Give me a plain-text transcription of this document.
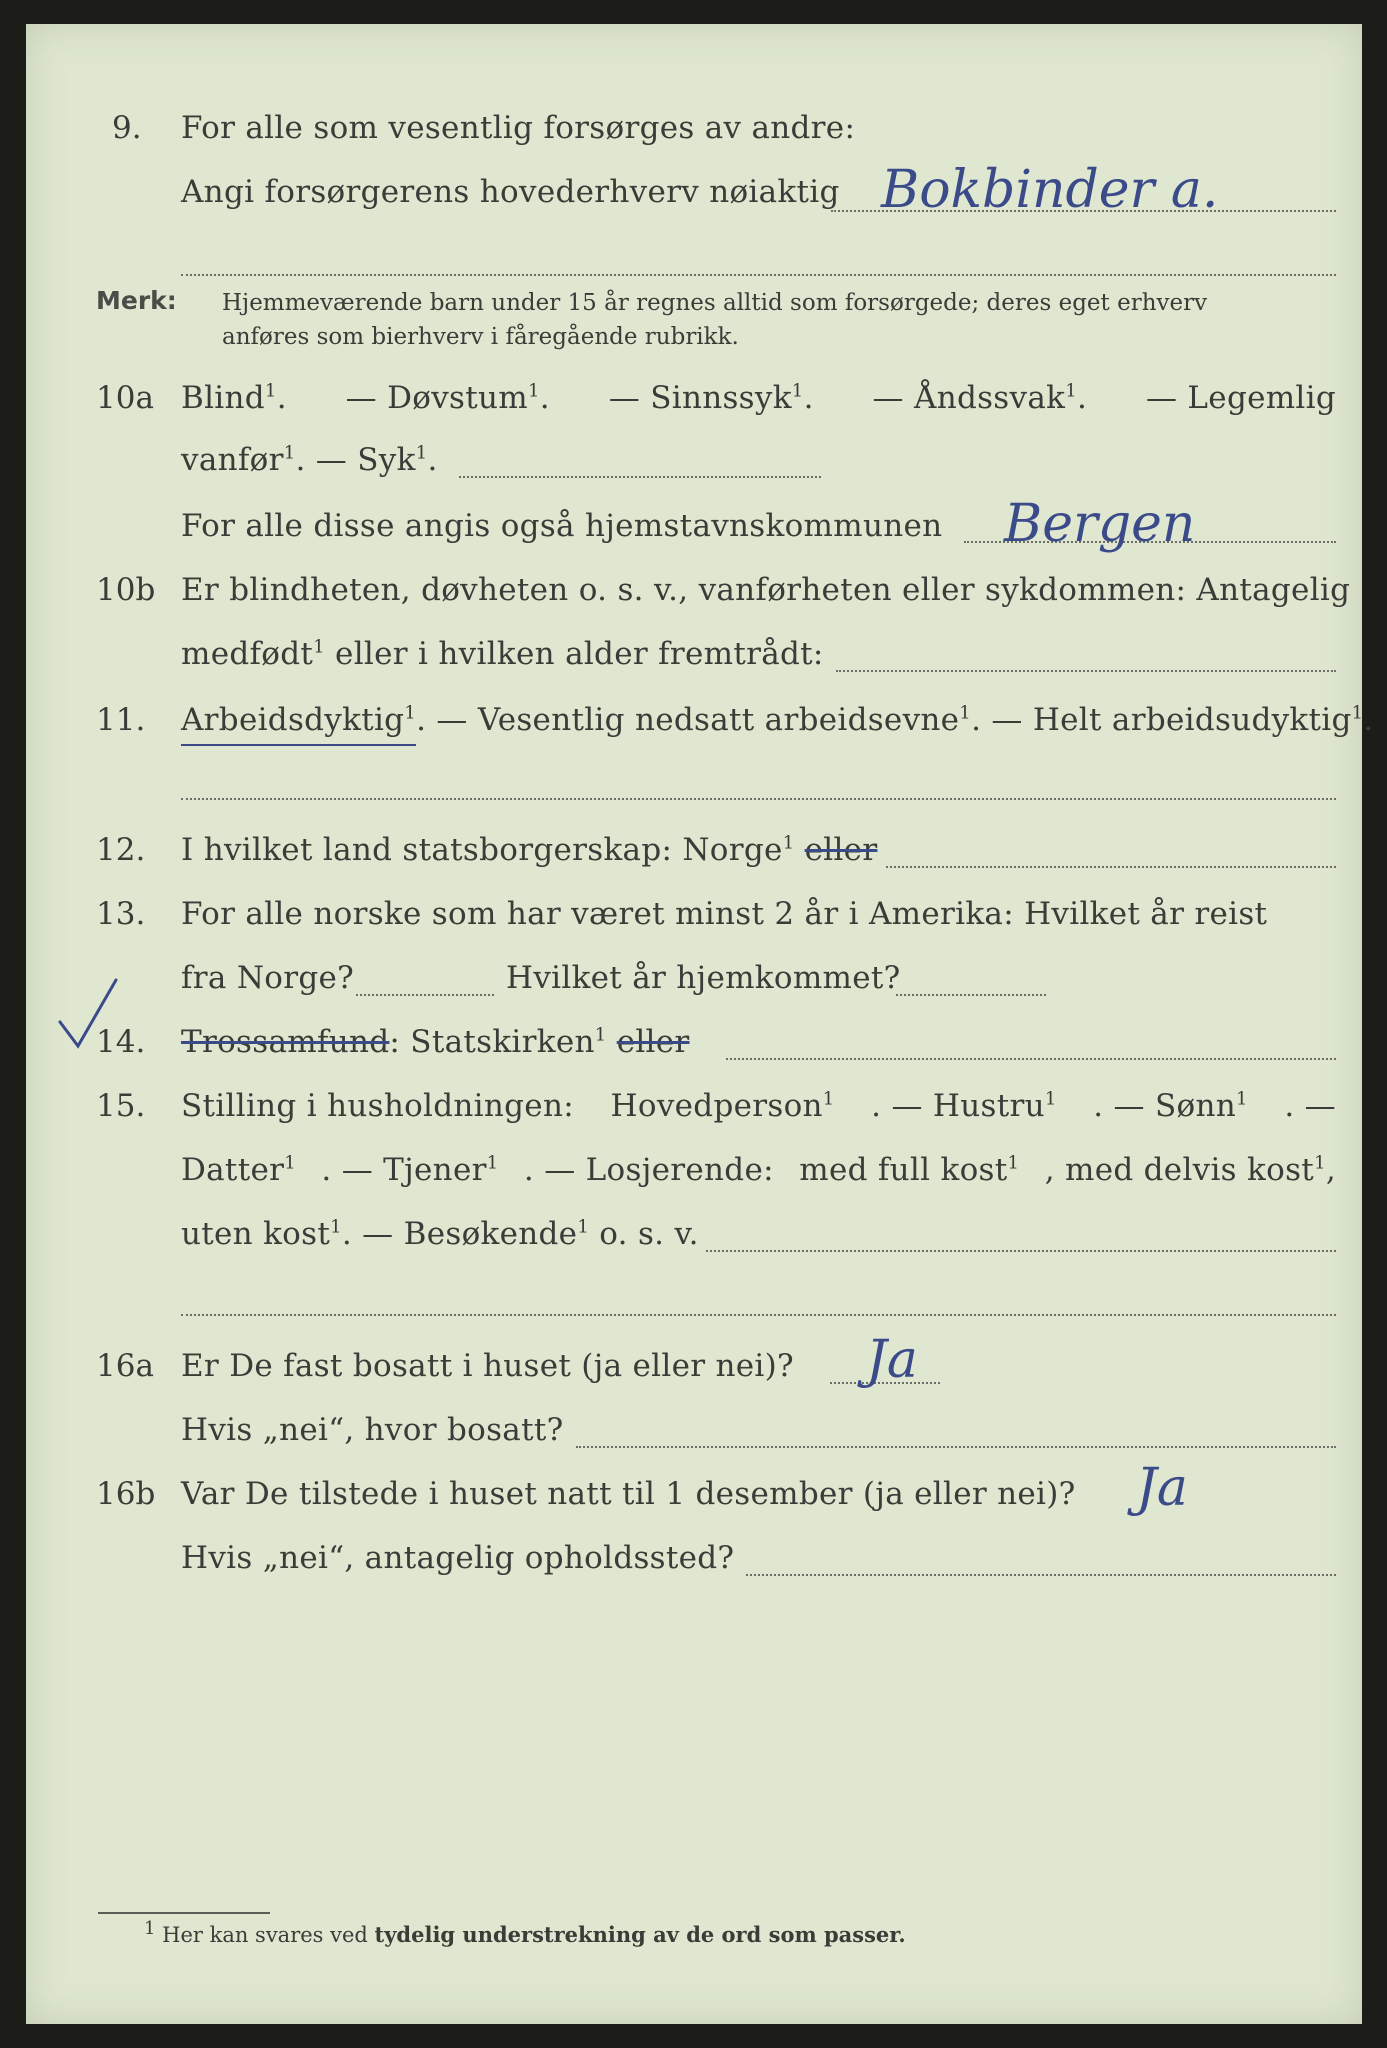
9. For alle som vesentlig forsørges av andre:
Angi forsørgerens hovederhverv nøiaktig Bokbinder a.
Merk: Hjemmeværende barn under 15 år regnes alltid som forsørgede; deres eget erhverv
anføres som bierhverv i fåregående rubrikk.
10a Blind$^1$. — Døvstum$^1$. — Sinnssyk$^1$. — Åndssvak$^1$. — Legemlig
vanfør$^1$. — Syk$^1$.
For alle disse angis også hjemstavnskommunen Bergen
10b Er blindheten, døvheten o. s. v., vanførheten eller sykdommen: Antagelig
medfødt$^1$ eller i hvilken alder fremtrådt:
11. Arbeidsdyktig$^1$. — Vesentlig nedsatt arbeidsevne$^1$. — Helt arbeidsudyktig$^1$.
12. I hvilket land statsborgerskap: Norge$^1$ eller
13. For alle norske som har været minst 2 år i Amerika: Hvilket år reist
fra Norge?	Hvilket år hjemkommet?
14. Trossamfund: Statskirken$^1$ eller
15. Stilling i husholdningen: Hovedperson$^1$ . — Hustru$^1$ . — Sønn$^1$ . —
Datter$^1$ . — Tjener$^1$ . — Losjerende: med full kost$^1$ , med delvis kost$^1$,
uten kost$^1$. — Besøkende$^1$ o. s. v.
16a Er De fast bosatt i huset (ja eller nei)? Ja
Hvis „nei“, hvor bosatt?
16b Var De tilstede i huset natt til 1 desember (ja eller nei)? Ja
Hvis „nei“, antagelig opholdssted?
1 Her kan svares ved tydelig understrekning av de ord som passer.
